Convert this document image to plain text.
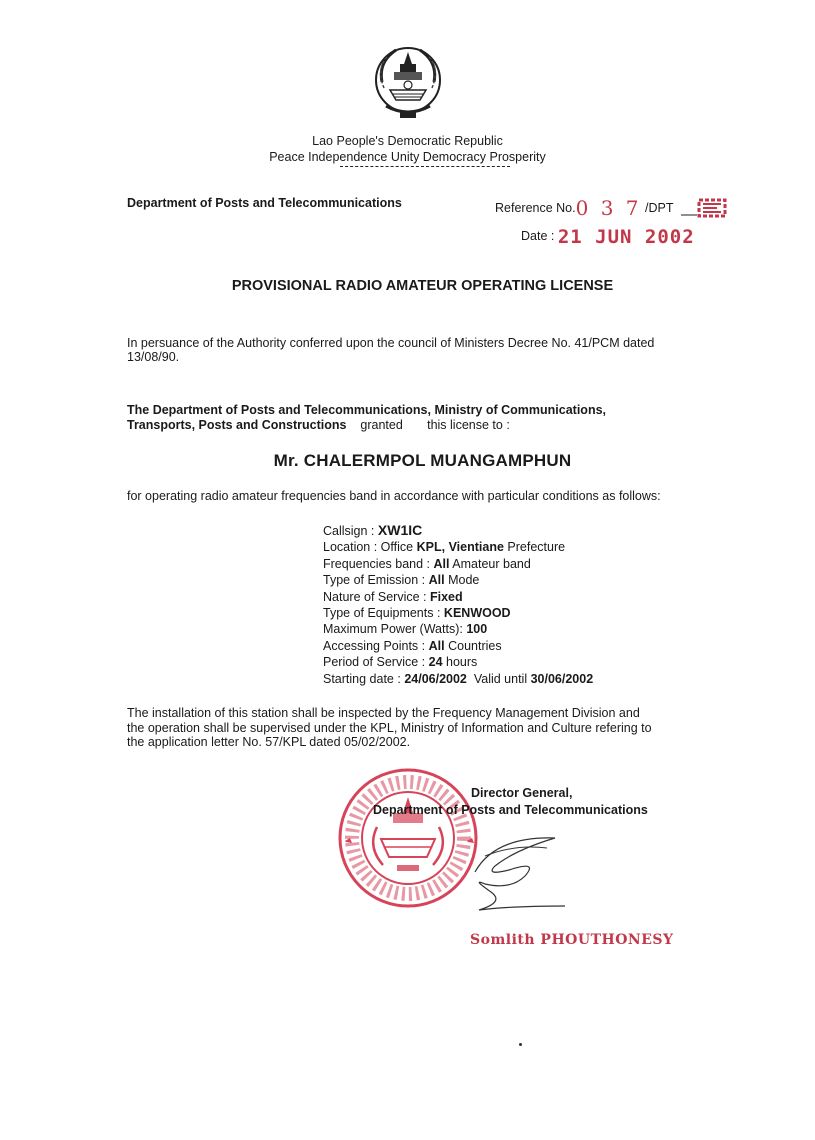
Lao People's Democratic Republic
Peace Independence Unity Democracy Prosperity
Department of Posts and Telecommunications	Reference No.0 3 7 /DPT
Date : 21 JUN 2002
PROVISIONAL RADIO AMATEUR OPERATING LICENSE
In persuance of the Authority conferred upon the council of Ministers Decree No. 41/PCM dated
13/08/90.
The Department of Posts and Telecommunications, Ministry of Communications,
Transports, Posts and Constructions granted this license to :
Mr. CHALERMPOL MUANGAMPHUN
for operating radio amateur frequencies band in accordance with particular conditions as follows:
Callsign : XW1IC
Location : Office KPL, Vientiane Prefecture
Frequencies band : All Amateur band
Type of Emission : All Mode
Nature of Service : Fixed
Type of Equipments : KENWOOD
Maximum Power (Watts): 100
Accessing Points : All Countries
Period of Service : 24 hours
Starting date : 24/06/2002 Valid until 30/06/2002
The installation of this station shall be inspected by the Frequency Management Division and
the operation shall be supervised under the KPL, Ministry of Information and Culture refering to
the application letter No. 57/KPL dated 05/02/2002.
Director General,
Department of Posts and Telecommunications
Somlith PHOUTHONESY
